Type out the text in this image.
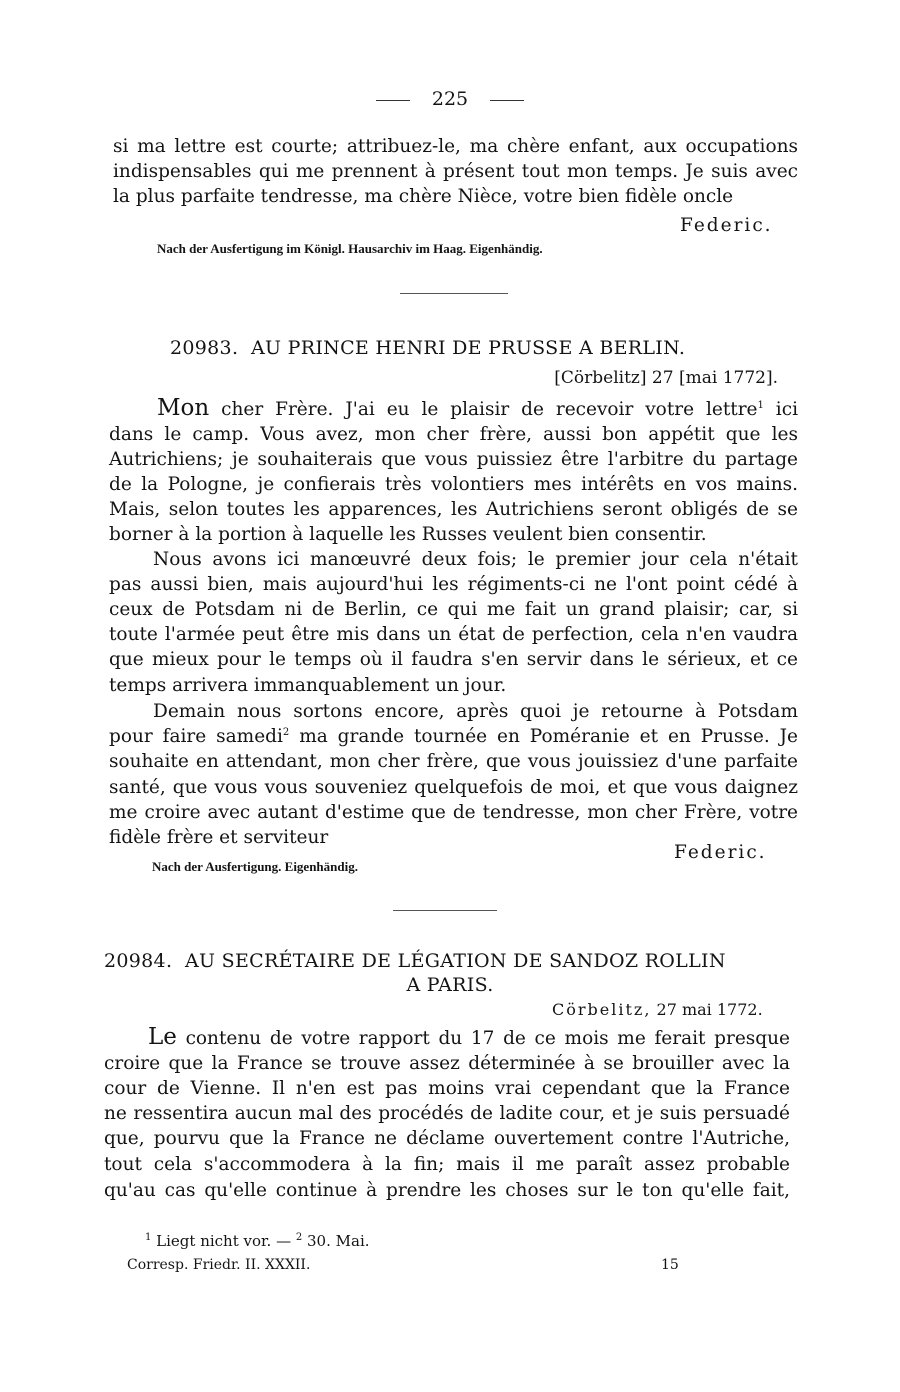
225
si ma lettre est courte; attribuez-le, ma chère enfant, aux occupations
indispensables qui me prennent à présent tout mon temps. Je suis avec
la plus parfaite tendresse, ma chère Nièce, votre bien fidèle oncle
Federic.
Nach der Ausfertigung im Königl. Hausarchiv im Haag. Eigenhändig.
20983. AU PRINCE HENRI DE PRUSSE A BERLIN.
[Cörbelitz] 27 [mai 1772].
Mon cher Frère. J'ai eu le plaisir de recevoir votre lettre$^1$ ici
dans le camp. Vous avez, mon cher frère, aussi bon appétit que les
Autrichiens; je souhaiterais que vous puissiez être l'arbitre du partage
de la Pologne, je confierais très volontiers mes intérêts en vos mains.
Mais, selon toutes les apparences, les Autrichiens seront obligés de se
borner à la portion à laquelle les Russes veulent bien consentir.
Nous avons ici manœuvré deux fois; le premier jour cela n'était
pas aussi bien, mais aujourd'hui les régiments-ci ne l'ont point cédé à
ceux de Potsdam ni de Berlin, ce qui me fait un grand plaisir; car, si
toute l'armée peut être mis dans un état de perfection, cela n'en vaudra
que mieux pour le temps où il faudra s'en servir dans le sérieux, et ce
temps arrivera immanquablement un jour.
Demain nous sortons encore, après quoi je retourne à Potsdam
pour faire samedi$^2$ ma grande tournée en Poméranie et en Prusse. Je
souhaite en attendant, mon cher frère, que vous jouissiez d'une parfaite
santé, que vous vous souveniez quelquefois de moi, et que vous daignez
me croire avec autant d'estime que de tendresse, mon cher Frère, votre
fidèle frère et serviteur
Federic.
Nach der Ausfertigung. Eigenhändig.
20984. AU SECRÉTAIRE DE LÉGATION DE SANDOZ ROLLIN
A PARIS.
Cörbelitz, 27 mai 1772.
Le contenu de votre rapport du 17 de ce mois me ferait presque
croire que la France se trouve assez déterminée à se brouiller avec la
cour de Vienne. Il n'en est pas moins vrai cependant que la France
ne ressentira aucun mal des procédés de ladite cour, et je suis persuadé
que, pourvu que la France ne déclame ouvertement contre l'Autriche,
tout cela s'accommodera à la fin; mais il me paraît assez probable
qu'au cas qu'elle continue à prendre les choses sur le ton qu'elle fait,
$^1$ Liegt nicht vor. — $^2$ 30. Mai.
Corresp. Friedr. II. XXXII.	15
